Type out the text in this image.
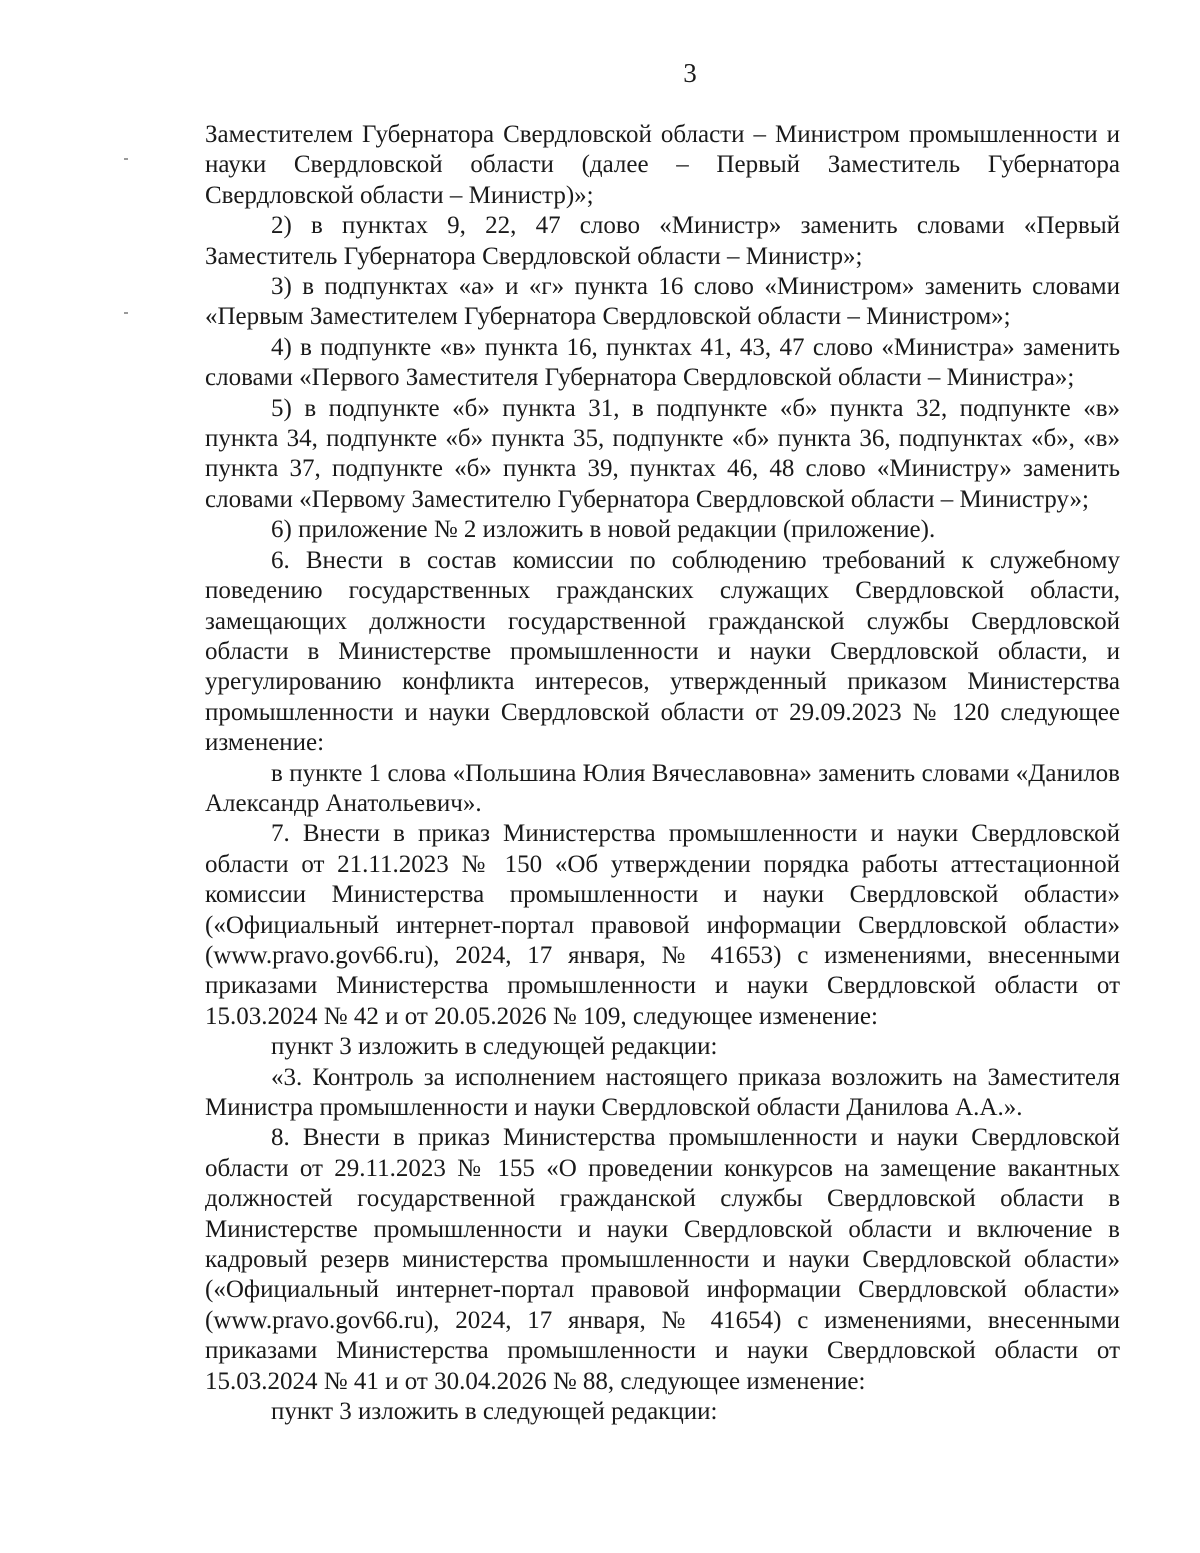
3

Заместителем Губернатора Свердловской области – Министром промышленности и науки Свердловской области (далее – Первый Заместитель Губернатора Свердловской области – Министр)»;

2) в пунктах 9, 22, 47 слово «Министр» заменить словами «Первый Заместитель Губернатора Свердловской области – Министр»;

3) в подпунктах «а» и «г» пункта 16 слово «Министром» заменить словами «Первым Заместителем Губернатора Свердловской области – Министром»;

4) в подпункте «в» пункта 16, пунктах 41, 43, 47 слово «Министра» заменить словами «Первого Заместителя Губернатора Свердловской области – Министра»;

5) в подпункте «б» пункта 31, в подпункте «б» пункта 32, подпункте «в» пункта 34, подпункте «б» пункта 35, подпункте «б» пункта 36, подпунктах «б», «в» пункта 37, подпункте «б» пункта 39, пунктах 46, 48 слово «Министру» заменить словами «Первому Заместителю Губернатора Свердловской области – Министру»;

6) приложение № 2 изложить в новой редакции (приложение).

6. Внести в состав комиссии по соблюдению требований к служебному поведению государственных гражданских служащих Свердловской области, замещающих должности государственной гражданской службы Свердловской области в Министерстве промышленности и науки Свердловской области, и урегулированию конфликта интересов, утвержденный приказом Министерства промышленности и науки Свердловской области от 29.09.2023 № 120 следующее изменение:

в пункте 1 слова «Польшина Юлия Вячеславовна» заменить словами «Данилов Александр Анатольевич».

7. Внести в приказ Министерства промышленности и науки Свердловской области от 21.11.2023 № 150 «Об утверждении порядка работы аттестационной комиссии Министерства промышленности и науки Свердловской области» («Официальный интернет-портал правовой информации Свердловской области» (www.pravo.gov66.ru), 2024, 17 января, № 41653) с изменениями, внесенными приказами Министерства промышленности и науки Свердловской области от 15.03.2024 № 42 и от 20.05.2026 № 109, следующее изменение:

пункт 3 изложить в следующей редакции:

«3. Контроль за исполнением настоящего приказа возложить на Заместителя Министра промышленности и науки Свердловской области Данилова А.А.».

8. Внести в приказ Министерства промышленности и науки Свердловской области от 29.11.2023 № 155 «О проведении конкурсов на замещение вакантных должностей государственной гражданской службы Свердловской области в Министерстве промышленности и науки Свердловской области и включение в кадровый резерв министерства промышленности и науки Свердловской области» («Официальный интернет-портал правовой информации Свердловской области» (www.pravo.gov66.ru), 2024, 17 января, № 41654) с изменениями, внесенными приказами Министерства промышленности и науки Свердловской области от 15.03.2024 № 41 и от 30.04.2026 № 88, следующее изменение:

пункт 3 изложить в следующей редакции:
